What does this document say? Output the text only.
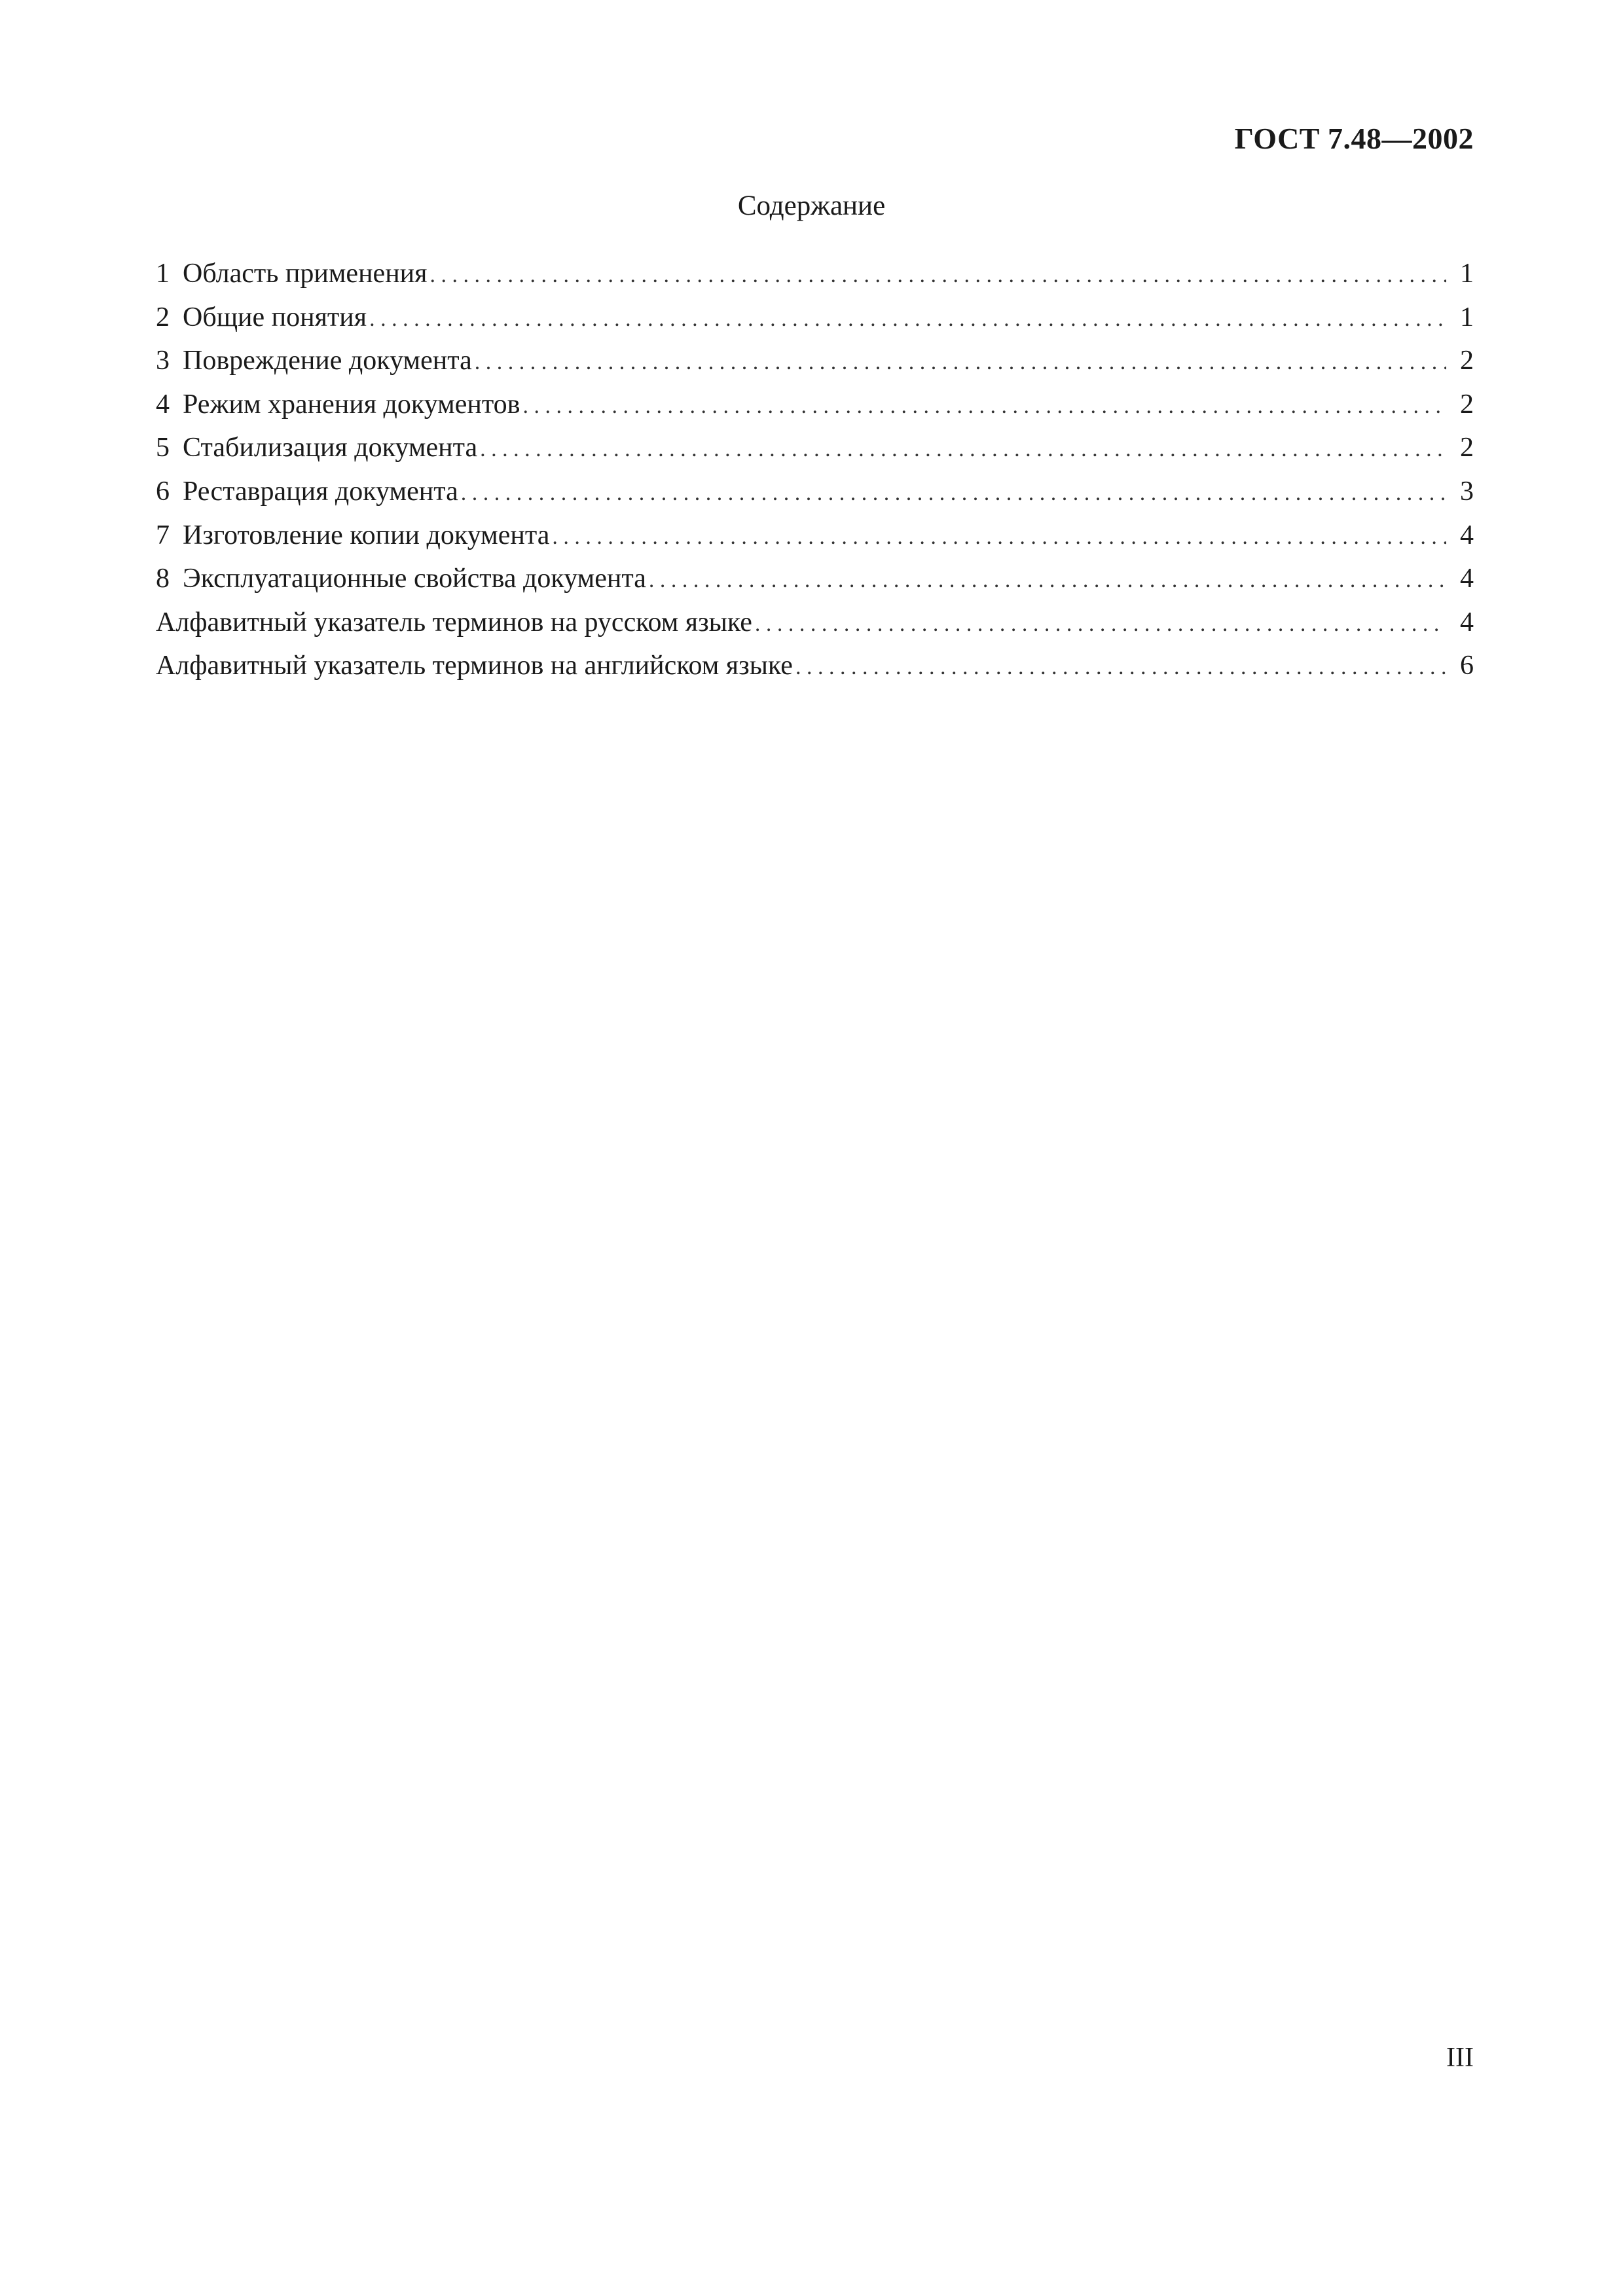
ГОСТ 7.48—2002
Содержание
1 Область применения . . .	1
2 Общие понятия . . .	1
3 Повреждение документа . . .	2
4 Режим хранения документов . . .	2
5 Стабилизация документа . . .	2
6 Реставрация документа . . .	3
7 Изготовление копии документа . . .	4
8 Эксплуатационные свойства документа . . .	4
Алфавитный указатель терминов на русском языке . . .	4
Алфавитный указатель терминов на английском языке . . .	6
III
